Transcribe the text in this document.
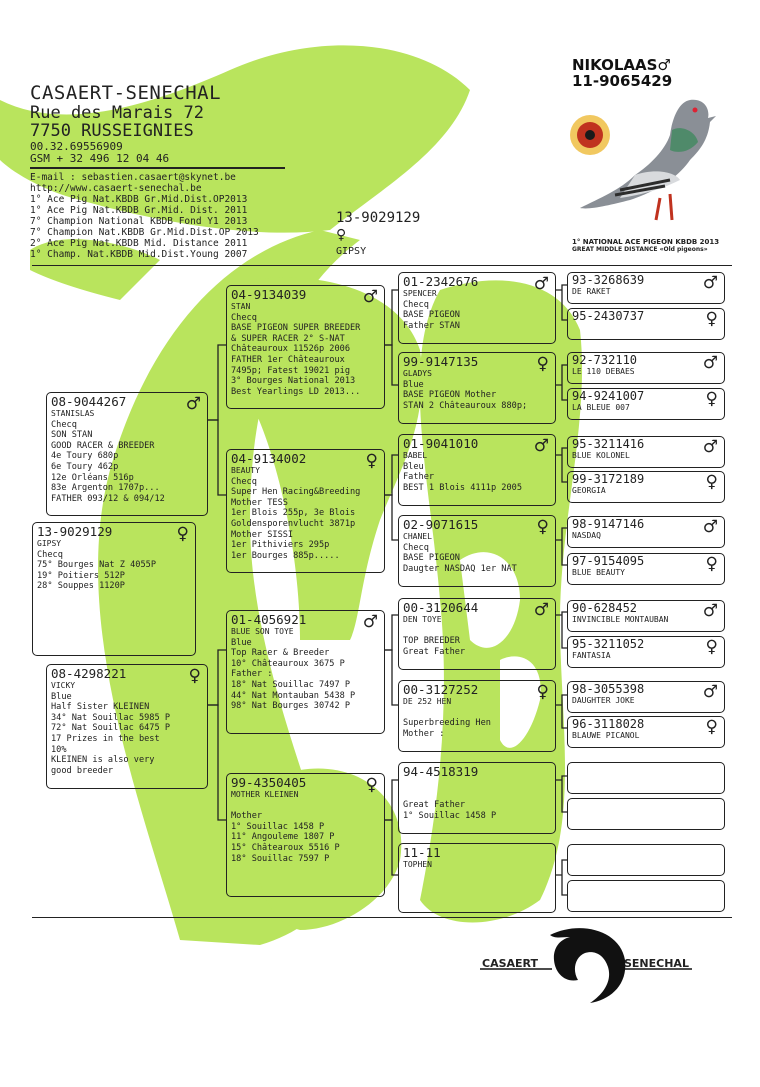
CASAERT-SENECHAL
Rue des Marais 72
7750 RUSSEIGNIES
00.32.69556909
GSM + 32 496 12 04 46
E-mail : sebastien.casaert@skynet.be
http://www.casaert-senechal.be
1° Ace Pig Nat.KBDB Gr.Mid.Dist.OP2013
1° Ace Pig Nat.KBDB Gr.Mid. Dist. 2011
7° Champion National KBDB Fond Y1 2013
7° Champion Nat.KBDB Gr.Mid.Dist.OP 2013
2° Ace Pig Nat.KBDB Mid. Distance 2011
1° Champ. Nat.KBDB Mid.Dist.Young 2007
13-9029129
♀
GIPSY
NIKOLAAS♂
11-9065429
1° NATIONAL ACE PIGEON KBDB 2013
GREAT MIDDLE DISTANCE «Old pigeons»
13-9029129	♀
GIPSY
Checq
75° Bourges Nat Z 4055P
19° Poitiers 512P
28° Souppes 1120P
08-9044267	♂
STANISLAS
Checq
SON STAN
GOOD RACER & BREEDER
4e Toury 680p
6e Toury 462p
12e Orléans 516p
83e Argenton 1707p...
FATHER 093/12 & 094/12
08-4298221	♀
VICKY
Blue
Half Sister KLEINEN
34° Nat Souillac 5985 P
72° Nat Souillac 6475 P
17 Prizes in the best
10%
KLEINEN is also very
good breeder
04-9134039	♂
STAN
Checq
BASE PIGEON SUPER BREEDER
& SUPER RACER 2° S-NAT
Châteauroux 11526p 2006
FATHER 1er Châteauroux
7495p; Fatest 19021 pig
3° Bourges National 2013
Best Yearlings LD 2013...
04-9134002	♀
BEAUTY
Checq
Super Hen Racing&Breeding
Mother TESS
1er Blois 255p, 3e Blois
Goldensporenvlucht 3871p
Mother SISSI
1er Pithiviers 295p
1er Bourges 885p.....
01-4056921	♂
BLUE SON TOYE
Blue
Top Racer & Breeder
10° Châteauroux 3675 P
Father :
18° Nat Souillac 7497 P
44° Nat Montauban 5438 P
98° Nat Bourges 30742 P
99-4350405	♀
MOTHER KLEINEN

Mother
1° Souillac 1458 P
11° Angouleme 1807 P
15° Châtearoux 5516 P
18° Souillac 7597 P
01-2342676	♂
SPENCER
Checq
BASE PIGEON
Father STAN
99-9147135	♀
GLADYS
Blue
BASE PIGEON Mother
STAN 2 Châteauroux 880p;
01-9041010	♂
BABEL
Bleu
Father
BEST 1 Blois 4111p 2005
02-9071615	♀
CHANEL
Checq
BASE PIGEON
Daugter NASDAQ 1er NAT
00-3120644	♂
DEN TOYE

TOP BREEDER
Great Father
00-3127252	♀
DE 252 HEN

Superbreeding Hen
Mother :
94-4518319

Great Father
1° Souillac 1458 P
11-11
TOPHEN
93-3268639	♂
DE RAKET
95-2430737	♀
92-732110	♂
LE 110 DEBAES
94-9241007	♀
LA BLEUE 007
95-3211416	♂
BLUE KOLONEL
99-3172189	♀
GEORGIA
98-9147146	♂
NASDAQ
97-9154095	♀
BLUE BEAUTY
90-628452	♂
INVINCIBLE MONTAUBAN
95-3211052	♀
FANTASIA
98-3055398	♂
DAUGHTER JOKE
96-3118028	♀
BLAUWE PICANOL
CASAERT	SENECHAL
